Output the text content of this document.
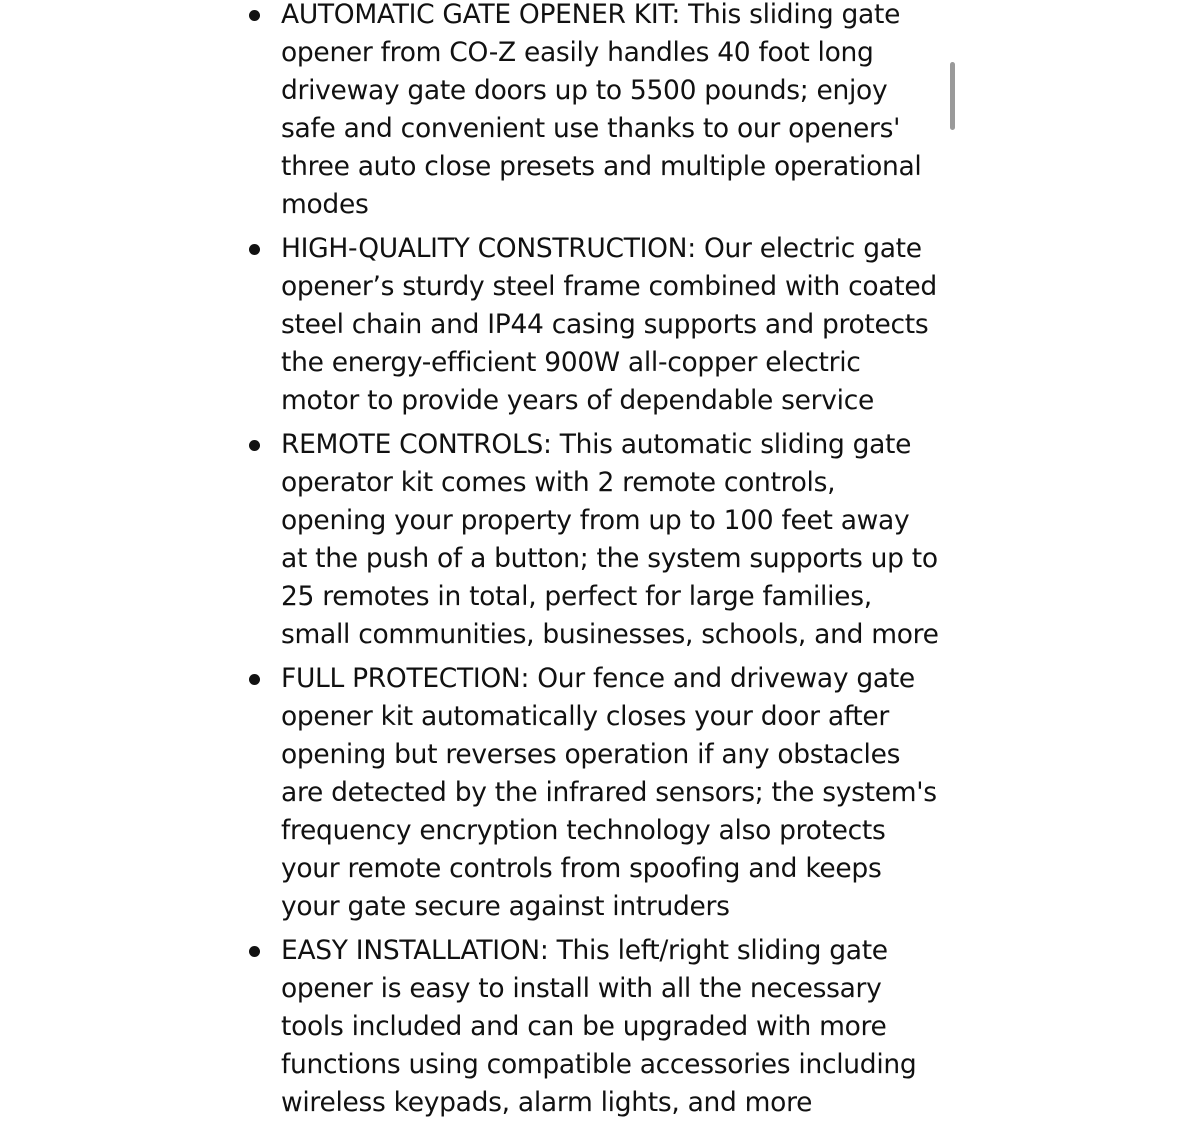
AUTOMATIC GATE OPENER KIT: This sliding gate opener from CO-Z easily handles 40 foot long driveway gate doors up to 5500 pounds; enjoy safe and convenient use thanks to our openers' three auto close presets and multiple operational modes
HIGH-QUALITY CONSTRUCTION: Our electric gate opener’s sturdy steel frame combined with coated steel chain and IP44 casing supports and protects the energy-efficient 900W all-copper electric motor to provide years of dependable service
REMOTE CONTROLS: This automatic sliding gate operator kit comes with 2 remote controls, opening your property from up to 100 feet away at the push of a button; the system supports up to 25 remotes in total, perfect for large families, small communities, businesses, schools, and more
FULL PROTECTION: Our fence and driveway gate opener kit automatically closes your door after opening but reverses operation if any obstacles are detected by the infrared sensors; the system's frequency encryption technology also protects your remote controls from spoofing and keeps your gate secure against intruders
EASY INSTALLATION: This left/right sliding gate opener is easy to install with all the necessary tools included and can be upgraded with more functions using compatible accessories including wireless keypads, alarm lights, and more
